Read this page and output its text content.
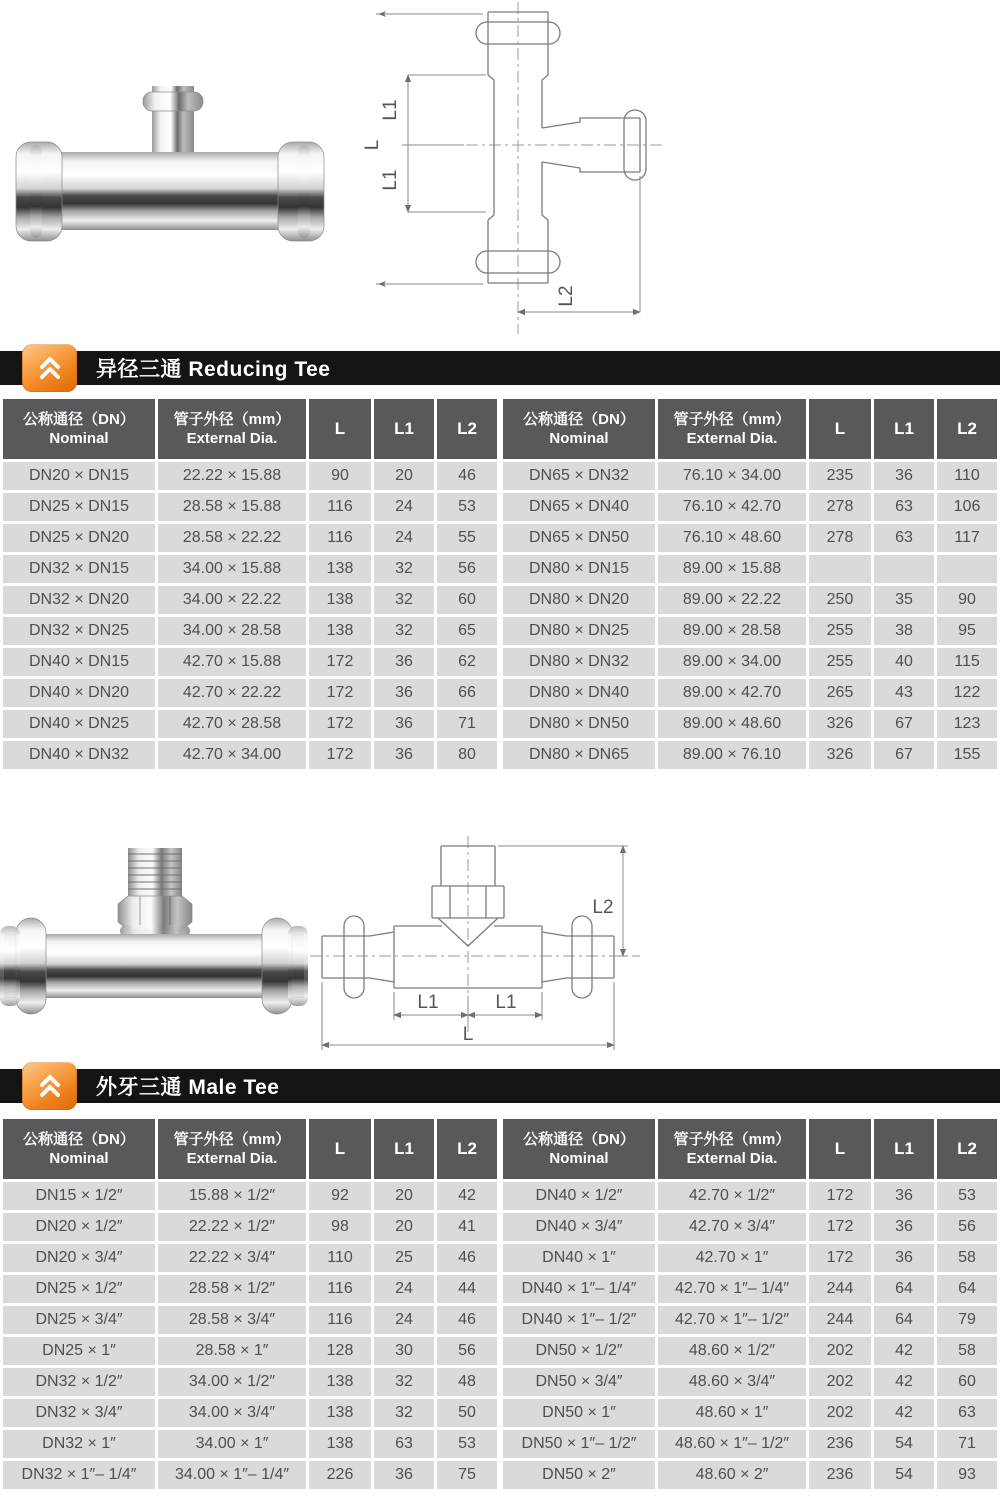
L1
L
L1
L2
异径三通 Reducing Tee
公称通径（DN）
Nominal

管子外径（mm）
External Dia.
	L	L1	L2
DN20 × DN15	22.22 × 15.88	90	20	46
DN25 × DN15	28.58 × 15.88	116	24	53
DN25 × DN20	28.58 × 22.22	116	24	55
DN32 × DN15	34.00 × 15.88	138	32	56
DN32 × DN20	34.00 × 22.22	138	32	60
DN32 × DN25	34.00 × 28.58	138	32	65
DN40 × DN15	42.70 × 15.88	172	36	62
DN40 × DN20	42.70 × 22.22	172	36	66
DN40 × DN25	42.70 × 28.58	172	36	71
DN40 × DN32	42.70 × 34.00	172	36	80
公称通径（DN）
Nominal

管子外径（mm）
External Dia.
	L	L1	L2
DN65 × DN32	76.10 × 34.00	235	36	110
DN65 × DN40	76.10 × 42.70	278	63	106
DN65 × DN50	76.10 × 48.60	278	63	117
DN80 × DN15	89.00 × 15.88			
DN80 × DN20	89.00 × 22.22	250	35	90
DN80 × DN25	89.00 × 28.58	255	38	95
DN80 × DN32	89.00 × 34.00	255	40	115
DN80 × DN40	89.00 × 42.70	265	43	122
DN80 × DN50	89.00 × 48.60	326	67	123
DN80 × DN65	89.00 × 76.10	326	67	155
L2
L1	L1
L
外牙三通 Male Tee
公称通径（DN）
Nominal

管子外径（mm）
External Dia.
	L	L1	L2
DN15 × 1/2″	15.88 × 1/2″	92	20	42
DN20 × 1/2″	22.22 × 1/2″	98	20	41
DN20 × 3/4″	22.22 × 3/4″	110	25	46
DN25 × 1/2″	28.58 × 1/2″	116	24	44
DN25 × 3/4″	28.58 × 3/4″	116	24	46
DN25 × 1″	28.58 × 1″	128	30	56
DN32 × 1/2″	34.00 × 1/2″	138	32	48
DN32 × 3/4″	34.00 × 3/4″	138	32	50
DN32 × 1″	34.00 × 1″	138	63	53
DN32 × 1″– 1/4″	34.00 × 1″– 1/4″	226	36	75
公称通径（DN）
Nominal

管子外径（mm）
External Dia.
	L	L1	L2
DN40 × 1/2″	42.70 × 1/2″	172	36	53
DN40 × 3/4″	42.70 × 3/4″	172	36	56
DN40 × 1″	42.70 × 1″	172	36	58
DN40 × 1″– 1/4″	42.70 × 1″– 1/4″	244	64	64
DN40 × 1″– 1/2″	42.70 × 1″– 1/2″	244	64	79
DN50 × 1/2″	48.60 × 1/2″	202	42	58
DN50 × 3/4″	48.60 × 3/4″	202	42	60
DN50 × 1″	48.60 × 1″	202	42	63
DN50 × 1″– 1/2″	48.60 × 1″– 1/2″	236	54	71
DN50 × 2″	48.60 × 2″	236	54	93
